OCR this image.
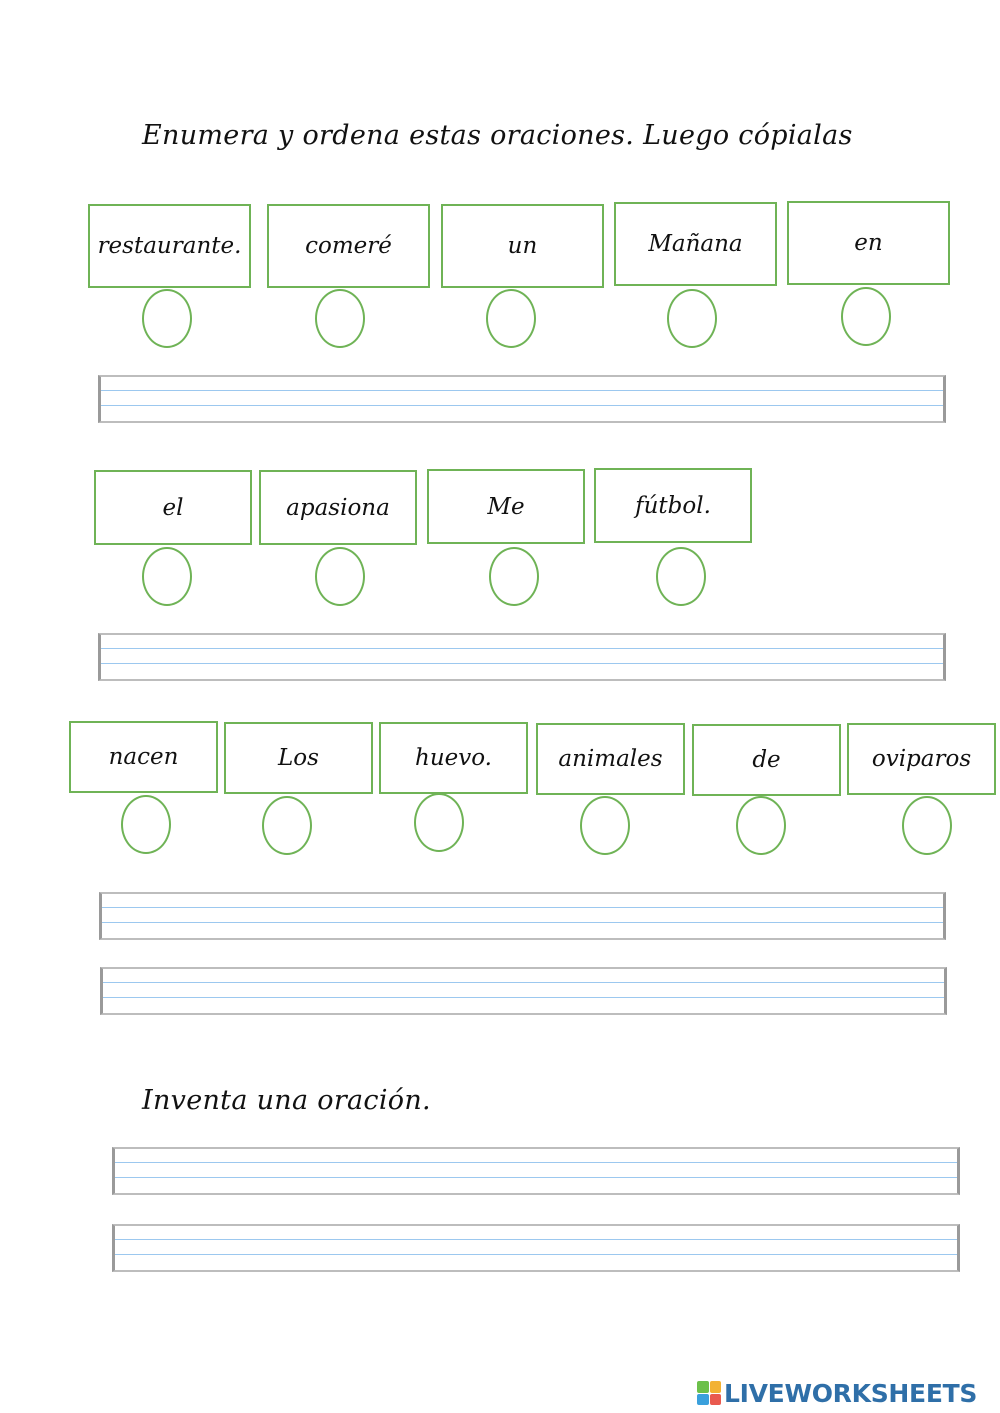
Enumera y ordena estas oraciones. Luego cópialas
restaurante.	comeré	un	Mañana	en
el	apasiona	Me	fútbol.
nacen	Los	huevo.	animales	de	oviparos
Inventa una oración.
LIVEWORKSHEETS
